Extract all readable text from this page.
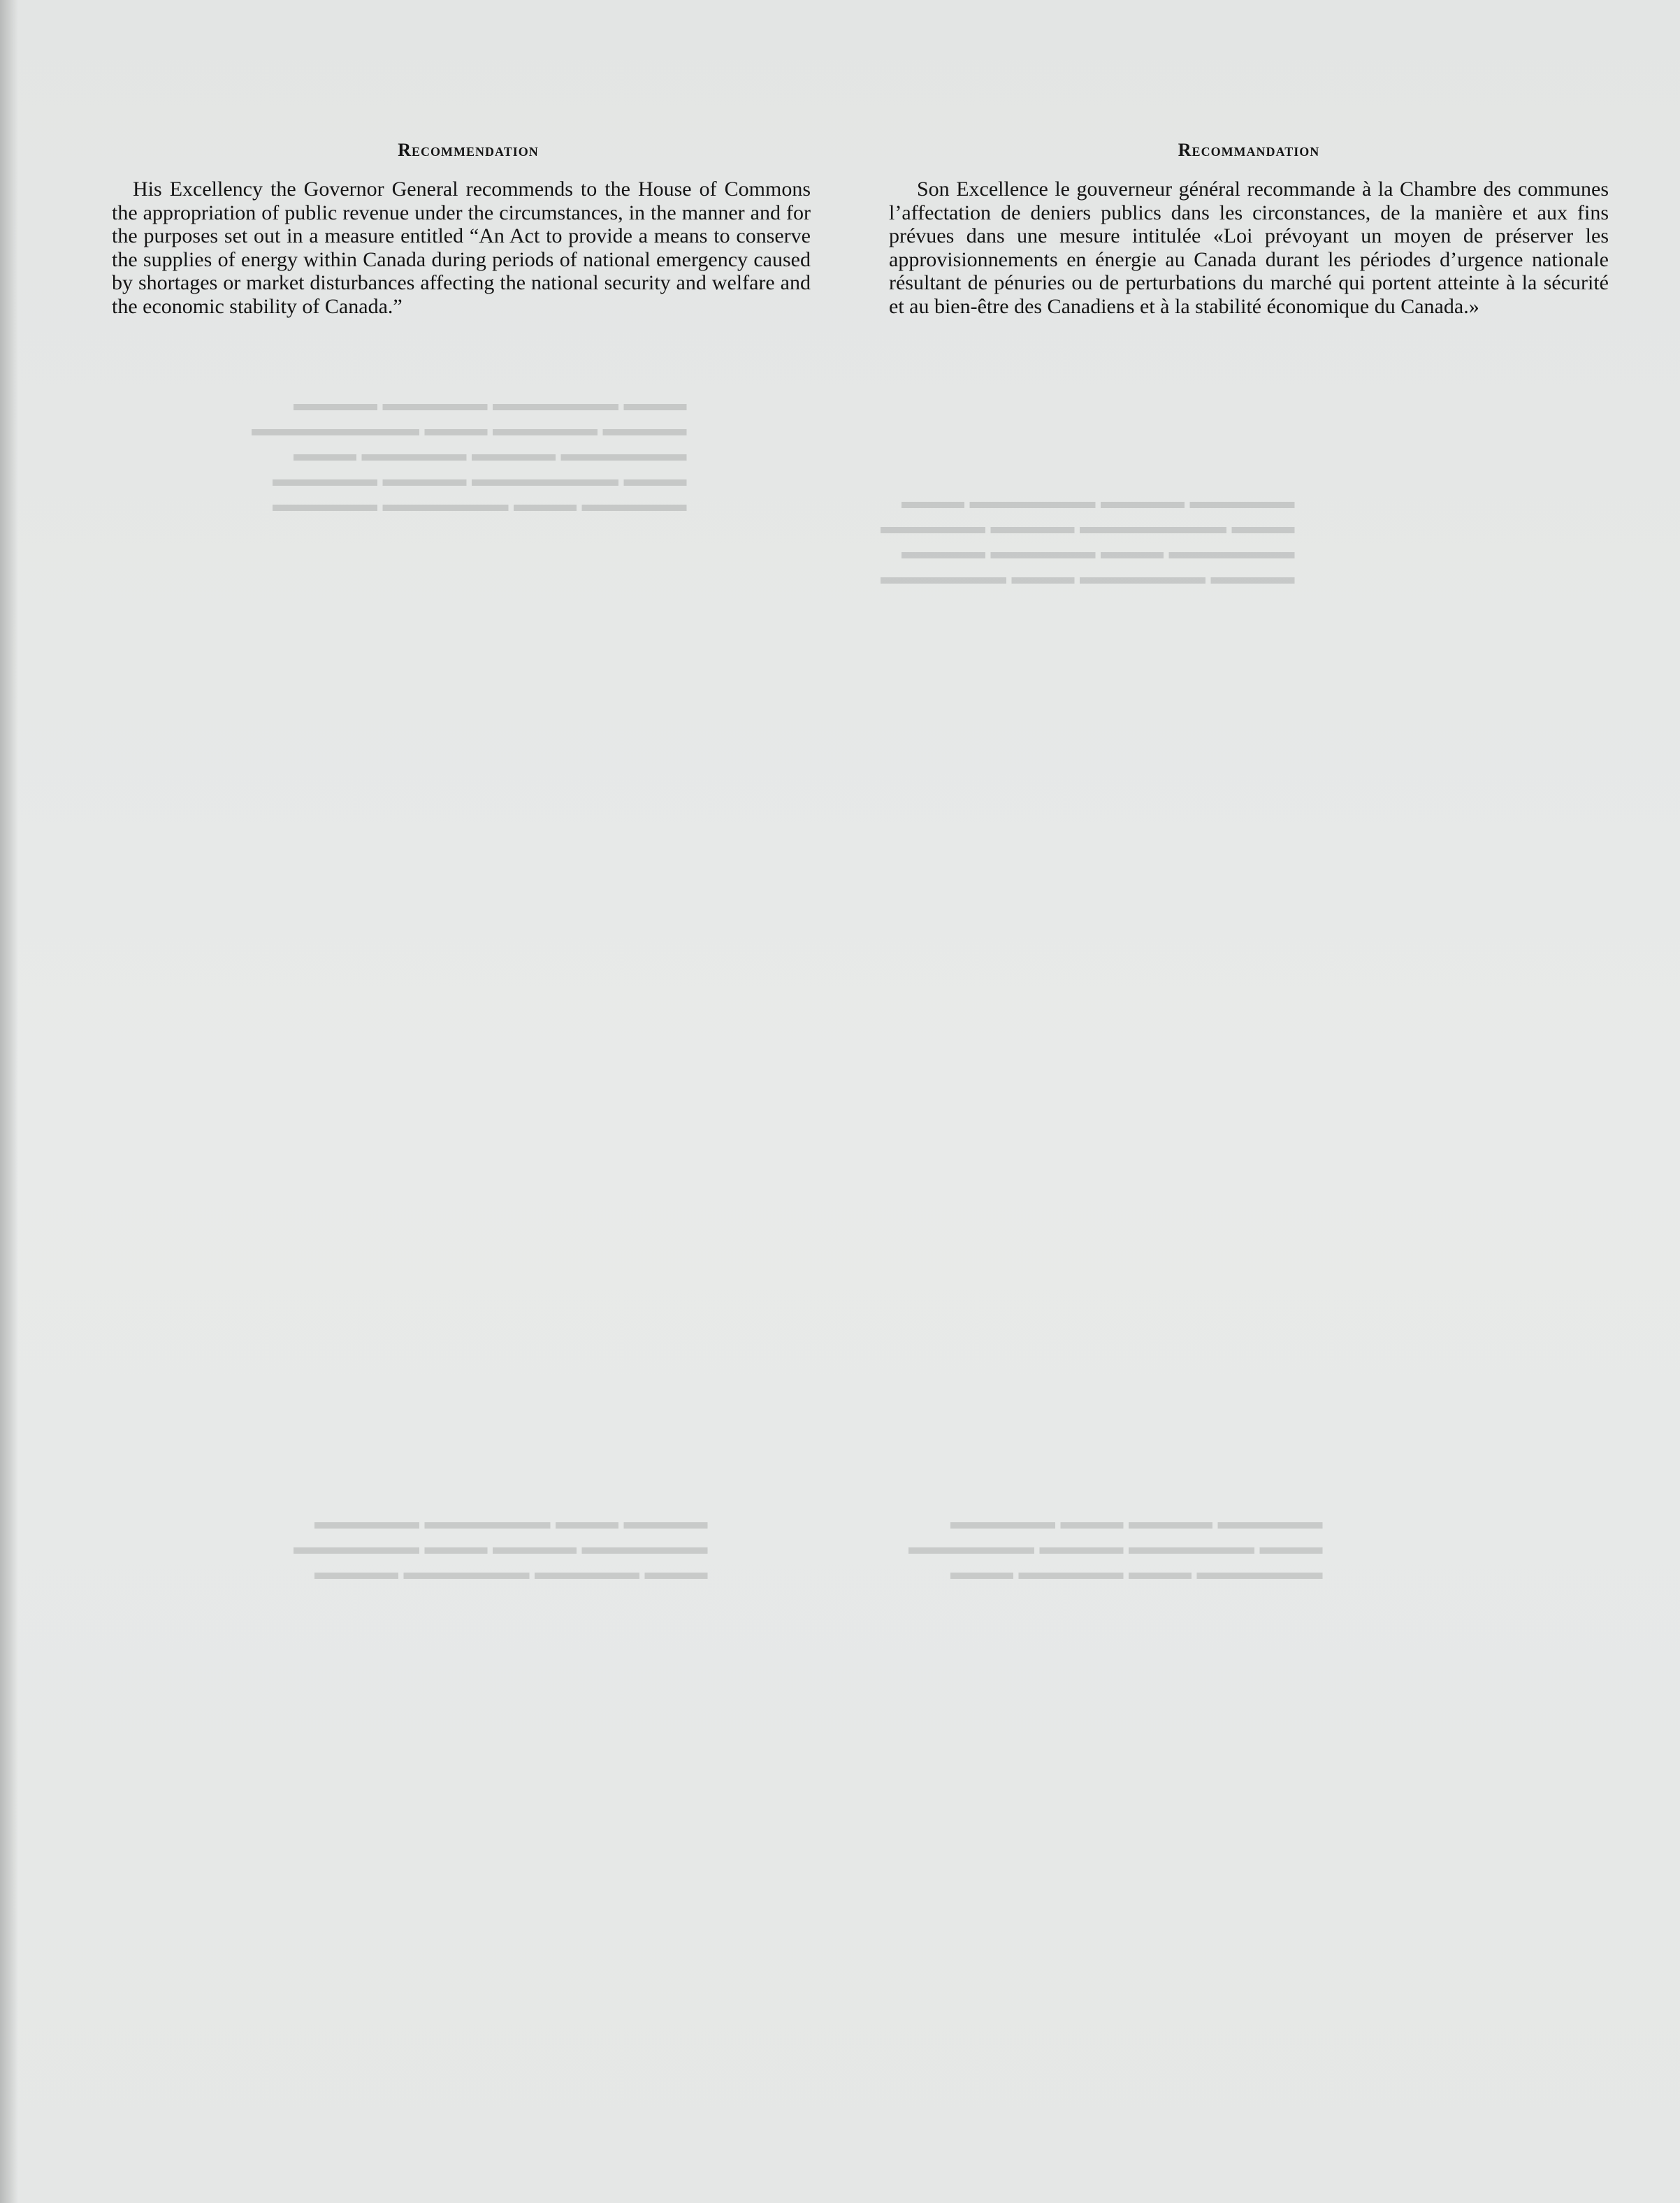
▬▬▬ ▬▬▬▬▬▬ ▬▬▬▬▬ ▬▬▬▬
▬▬▬▬ ▬▬▬▬▬ ▬▬▬ ▬▬▬▬▬▬▬▬
▬▬▬▬▬▬ ▬▬▬▬ ▬▬▬▬▬ ▬▬▬
▬▬▬ ▬▬▬▬▬▬▬ ▬▬▬▬ ▬▬▬▬▬
▬▬▬▬▬ ▬▬▬ ▬▬▬▬▬▬ ▬▬▬▬▬	▬▬▬▬▬ ▬▬▬▬ ▬▬▬▬▬▬ ▬▬▬
▬▬▬ ▬▬▬▬▬▬▬ ▬▬▬▬ ▬▬▬▬▬
▬▬▬▬▬▬ ▬▬▬ ▬▬▬▬▬ ▬▬▬▬
▬▬▬▬ ▬▬▬▬▬▬ ▬▬▬ ▬▬▬▬▬▬
▬▬▬▬ ▬▬▬ ▬▬▬▬▬▬ ▬▬▬▬▬
▬▬▬▬▬▬ ▬▬▬▬ ▬▬▬ ▬▬▬▬▬▬
▬▬▬ ▬▬▬▬▬ ▬▬▬▬▬▬ ▬▬▬▬
▬▬▬▬▬ ▬▬▬▬ ▬▬▬ ▬▬▬▬▬
▬▬▬ ▬▬▬▬▬▬ ▬▬▬▬ ▬▬▬▬▬▬
▬▬▬▬▬▬ ▬▬▬ ▬▬▬▬▬ ▬▬▬
Recommendation

His Excellency the Governor General recommends to the House of Commons the appropriation of public revenue under the circumstances, in the manner and for the purposes set out in a measure entitled “An Act to provide a means to conserve the supplies of energy within Canada during periods of national emergency caused by shortages or market disturbances affecting the national security and welfare and the economic stability of Canada.”

Recommandation

Son Excellence le gouverneur général recommande à la Chambre des communes l’affectation de deniers publics dans les circonstances, de la manière et aux fins prévues dans une mesure intitulée «Loi prévoyant un moyen de préserver les approvisionnements en énergie au Canada durant les périodes d’urgence nationale résultant de pénuries ou de perturbations du marché qui portent atteinte à la sécurité et au bien-être des Canadiens et à la stabilité économique du Canada.»
